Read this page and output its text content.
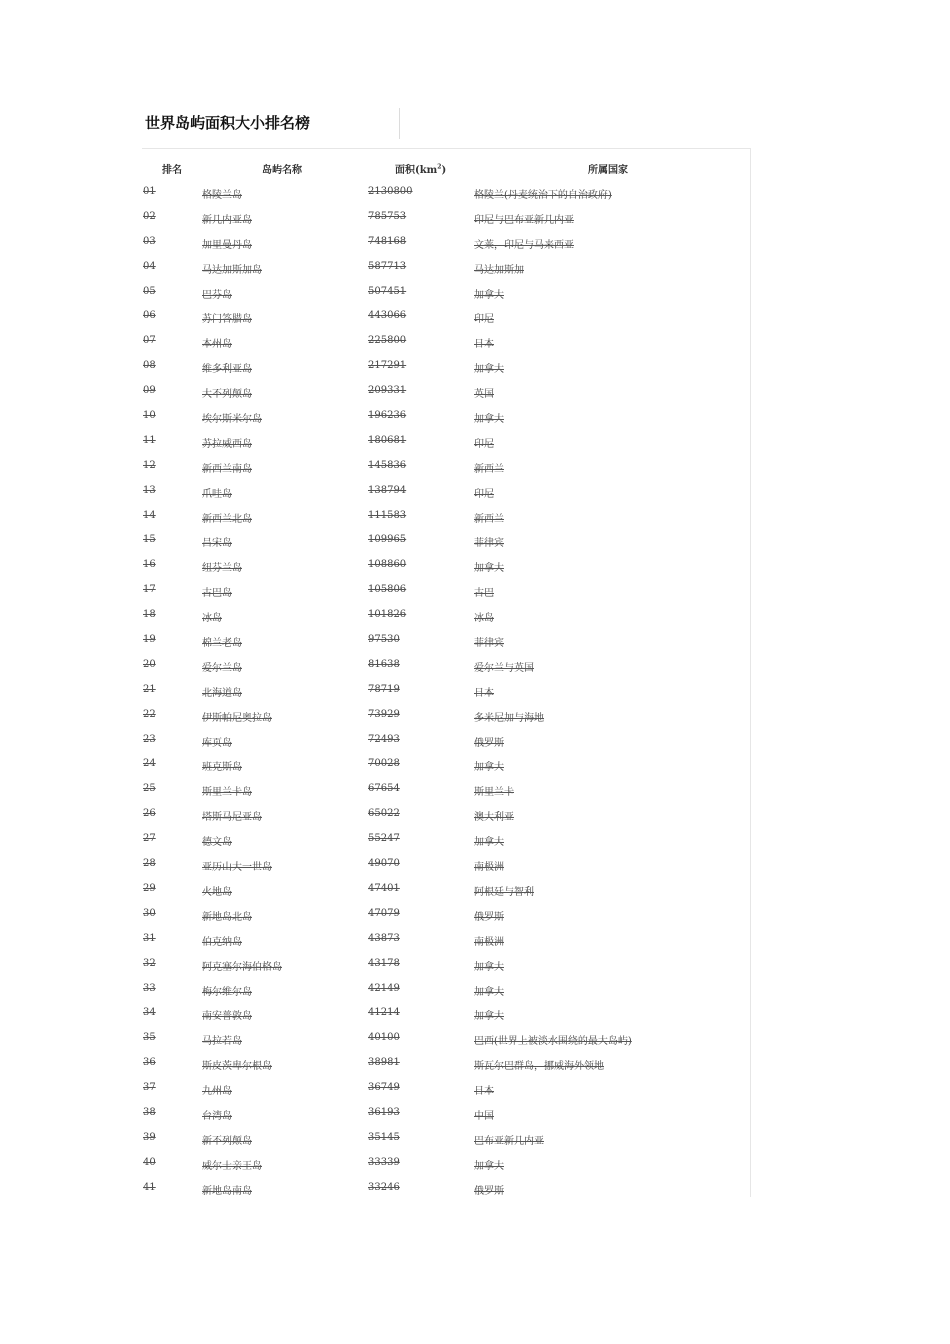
世界岛屿面积大小排名榜
排名	岛屿名称	面积$(km^2)$	所属国家
01	格陵兰岛	2130800	格陵兰(丹麦统治下的自治政府)
02	新几内亚岛	785753	印尼与巴布亚新几内亚
03	加里曼丹岛	748168	文莱，印尼与马来西亚
04	马达加斯加岛	587713	马达加斯加
05	巴芬岛	507451	加拿大
06	苏门答腊岛	443066	印尼
07	本州岛	225800	日本
08	维多利亚岛	217291	加拿大
09	大不列颠岛	209331	英国
10	埃尔斯米尔岛	196236	加拿大
11	苏拉威西岛	180681	印尼
12	新西兰南岛	145836	新西兰
13	爪哇岛	138794	印尼
14	新西兰北岛	111583	新西兰
15	吕宋岛	109965	菲律宾
16	纽芬兰岛	108860	加拿大
17	古巴岛	105806	古巴
18	冰岛	101826	冰岛
19	棉兰老岛	97530	菲律宾
20	爱尔兰岛	81638	爱尔兰与英国
21	北海道岛	78719	日本
22	伊斯帕尼奥拉岛	73929	多米尼加与海地
23	库页岛	72493	俄罗斯
24	班克斯岛	70028	加拿大
25	斯里兰卡岛	67654	斯里兰卡
26	塔斯马尼亚岛	65022	澳大利亚
27	德文岛	55247	加拿大
28	亚历山大一世岛	49070	南极洲
29	火地岛	47401	阿根廷与智利
30	新地岛北岛	47079	俄罗斯
31	伯克纳岛	43873	南极洲
32	阿克塞尔海伯格岛	43178	加拿大
33	梅尔维尔岛	42149	加拿大
34	南安普敦岛	41214	加拿大
35	马拉若岛	40100	巴西(世界上被淡水围绕的最大岛屿)
36	斯皮茨卑尔根岛	38981	斯瓦尔巴群岛，挪威海外领地
37	九州岛	36749	日本
38	台湾岛	36193	中国
39	新不列颠岛	35145	巴布亚新几内亚
40	威尔士亲王岛	33339	加拿大
41	新地岛南岛	33246	俄罗斯
